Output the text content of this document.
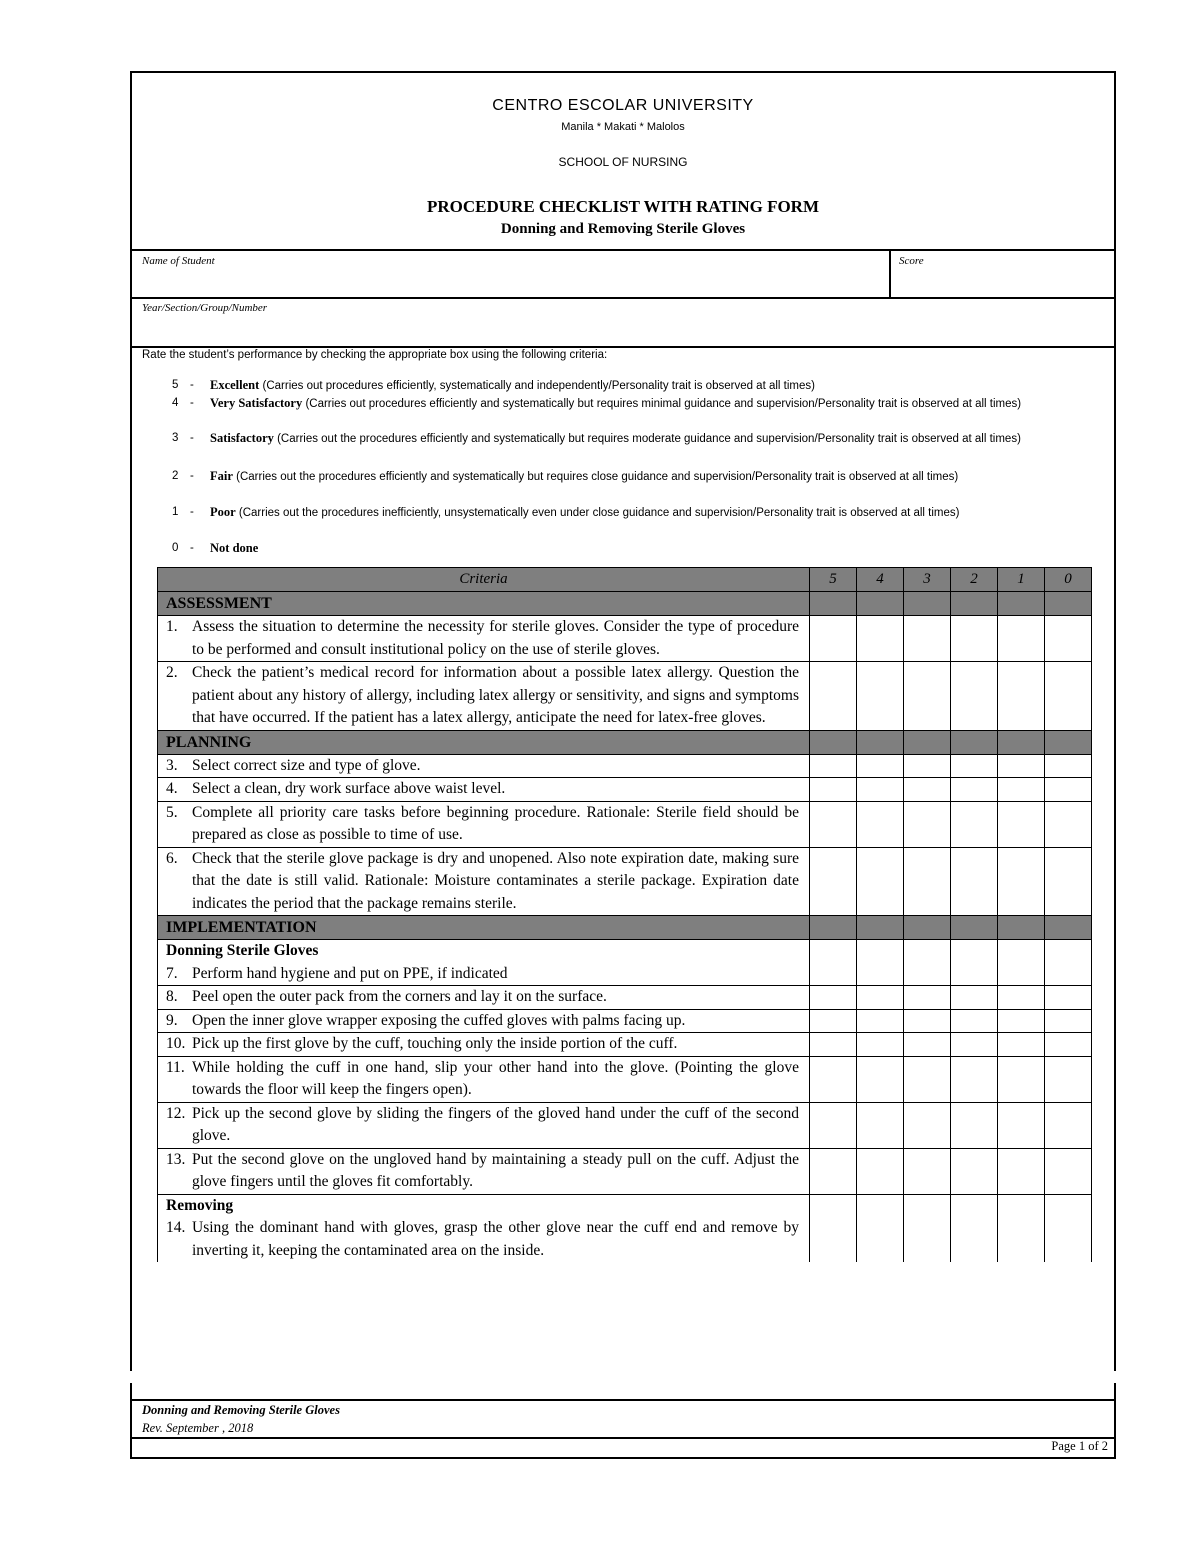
CENTRO ESCOLAR UNIVERSITY
Manila * Makati * Malolos
SCHOOL OF NURSING
PROCEDURE CHECKLIST WITH RATING FORM
Donning and Removing Sterile Gloves
Name of Student	Score
Year/Section/Group/Number
Rate the student’s performance by checking the appropriate box using the following criteria:
5 - Excellent (Carries out procedures efficiently, systematically and independently/Personality trait is observed at all times)
4 - Very Satisfactory (Carries out procedures efficiently and systematically but requires minimal guidance and supervision/Personality trait is observed at all times)
3 - Satisfactory (Carries out the procedures efficiently and systematically but requires moderate guidance and supervision/Personality trait is observed at all times)
2 - Fair (Carries out the procedures efficiently and systematically but requires close guidance and supervision/Personality trait is observed at all times)
1 - Poor (Carries out the procedures inefficiently, unsystematically even under close guidance and supervision/Personality trait is observed at all times)
0 - Not done
Criteria	5	4	3	2	1	0
ASSESSMENT						

1. Assess the situation to determine the necessity for sterile gloves. Consider the type of procedure to be performed and consult institutional policy on the use of sterile gloves.						

2. Check the patient’s medical record for information about a possible latex allergy. Question the patient about any history of allergy, including latex allergy or sensitivity, and signs and symptoms that have occurred. If the patient has a latex allergy, anticipate the need for latex-free gloves.						

PLANNING						

3. Select correct size and type of glove.						

4. Select a clean, dry work surface above waist level.						

5. Complete all priority care tasks before beginning procedure. Rationale: Sterile field should be prepared as close as possible to time of use.						

6. Check that the sterile glove package is dry and unopened. Also note expiration date, making sure that the date is still valid. Rationale: Moisture contaminates a sterile package. Expiration date indicates the period that the package remains sterile.						

IMPLEMENTATION						

Donning Sterile Gloves
7. Perform hand hygiene and put on PPE, if indicated						

8. Peel open the outer pack from the corners and lay it on the surface.						

9. Open the inner glove wrapper exposing the cuffed gloves with palms facing up.						

10. Pick up the first glove by the cuff, touching only the inside portion of the cuff.						

11. While holding the cuff in one hand, slip your other hand into the glove. (Pointing the glove towards the floor will keep the fingers open).						

12. Pick up the second glove by sliding the fingers of the gloved hand under the cuff of the second glove.						

13. Put the second glove on the ungloved hand by maintaining a steady pull on the cuff. Adjust the glove fingers until the gloves fit comfortably.						

Removing
14. Using the dominant hand with gloves, grasp the other glove near the cuff end and remove by inverting it, keeping the contaminated area on the inside.						

Donning and Removing Sterile Gloves
Rev. September , 2018
Page 1 of 2
